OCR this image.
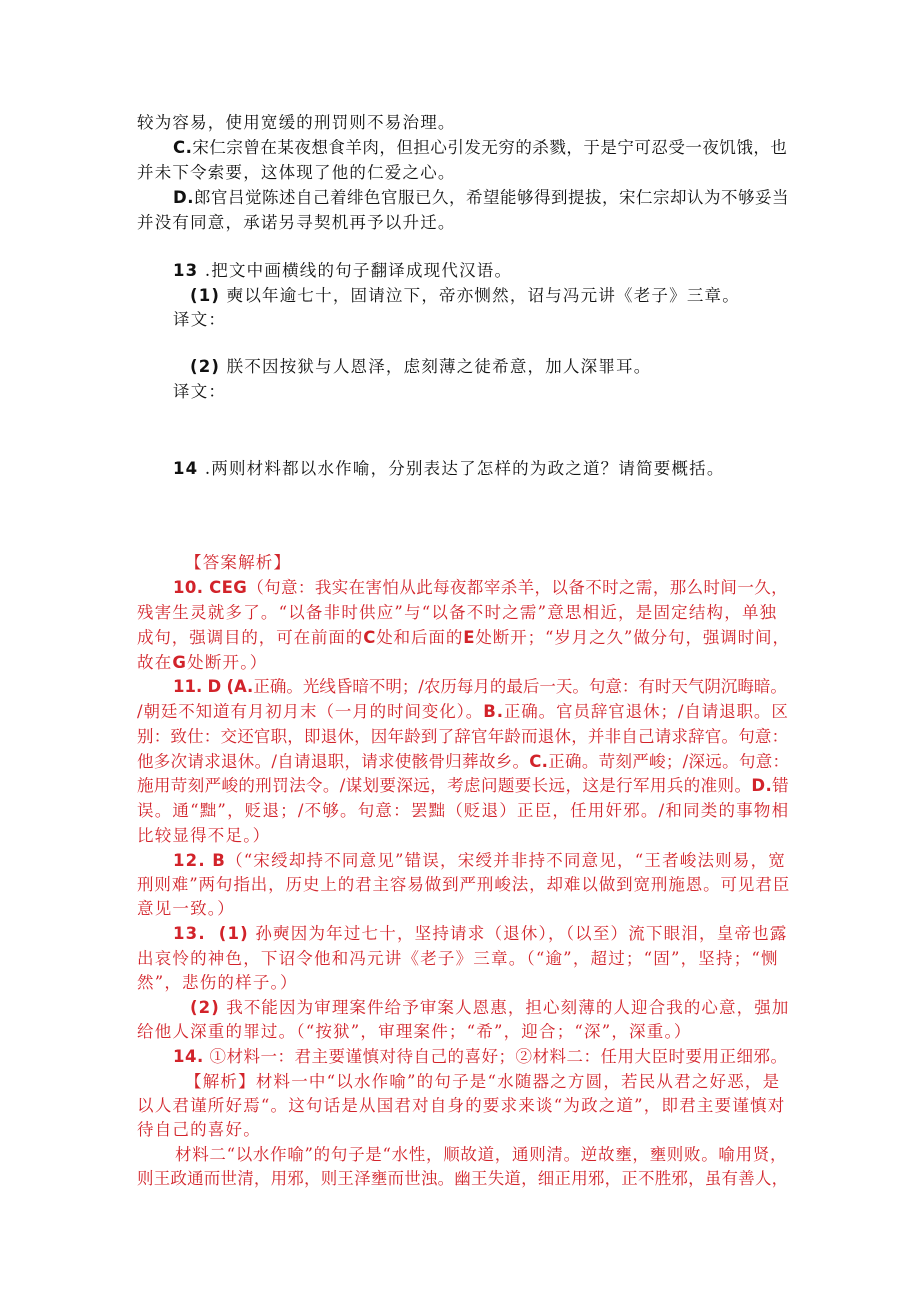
较为容易，使用宽缓的刑罚则不易治理。
C.宋仁宗曾在某夜想食羊肉，但担心引发无穷的杀戮，于是宁可忍受一夜饥饿，也
并未下令索要，这体现了他的仁爱之心。
D.郎官吕觉陈述自己着绯色官服已久，希望能够得到提拔，宋仁宗却认为不够妥当
并没有同意，承诺另寻契机再予以升迁。
13 .把文中画横线的句子翻译成现代汉语。
(1) 奭以年逾七十，固请泣下，帝亦恻然，诏与冯元讲《老子》三章。
译文：
(2) 朕不因按狱与人恩泽，虑刻薄之徒希意，加人深罪耳。
译文：
14 .两则材料都以水作喻，分别表达了怎样的为政之道？请简要概括。
【答案解析】
10. CEG（句意：我实在害怕从此每夜都宰杀羊，以备不时之需，那么时间一久，
残害生灵就多了。“以备非时供应”与“以备不时之需”意思相近，是固定结构，单独
成句，强调目的，可在前面的C处和后面的E处断开；“岁月之久”做分句，强调时间，
故在G处断开。）
11. D (A.正确。光线昏暗不明；/农历每月的最后一天。句意：有时天气阴沉晦暗。
/朝廷不知道有月初月末（一月的时间变化）。B.正确。官员辞官退休；/自请退职。区
别：致仕：交还官职，即退休，因年龄到了辞官年龄而退休，并非自己请求辞官。句意：
他多次请求退休。/自请退职，请求使骸骨归葬故乡。C.正确。苛刻严峻；/深远。句意：
施用苛刻严峻的刑罚法令。/谋划要深远，考虑问题要长远，这是行军用兵的准则。D.错
误。通“黜”，贬退；/不够。句意：罢黜（贬退）正臣，任用奸邪。/和同类的事物相
比较显得不足。）
12. B（“宋绶却持不同意见”错误，宋绶并非持不同意见，“王者峻法则易，宽
刑则难”两句指出，历史上的君主容易做到严刑峻法，却难以做到宽刑施恩。可见君臣
意见一致。）
13. (1) 孙奭因为年过七十，坚持请求（退休），（以至）流下眼泪，皇帝也露
出哀怜的神色，下诏令他和冯元讲《老子》三章。（“逾”，超过；“固”，坚持；“恻
然”，悲伤的样子。）
(2) 我不能因为审理案件给予审案人恩惠，担心刻薄的人迎合我的心意，强加
给他人深重的罪过。（“按狱”，审理案件；“希”，迎合；“深”，深重。）
14. ①材料一：君主要谨慎对待自己的喜好；②材料二：任用大臣时要用正细邪。
【解析】材料一中“以水作喻”的句子是“水随器之方圆，若民从君之好恶，是
以人君谨所好焉“。这句话是从国君对自身的要求来谈“为政之道”，即君主要谨慎对
待自己的喜好。
材料二“以水作喻”的句子是“水性，顺故道，通则清。逆故壅，壅则败。喻用贤，
则王政通而世清，用邪，则王泽壅而世浊。幽王失道，细正用邪，正不胜邪，虽有善人，
